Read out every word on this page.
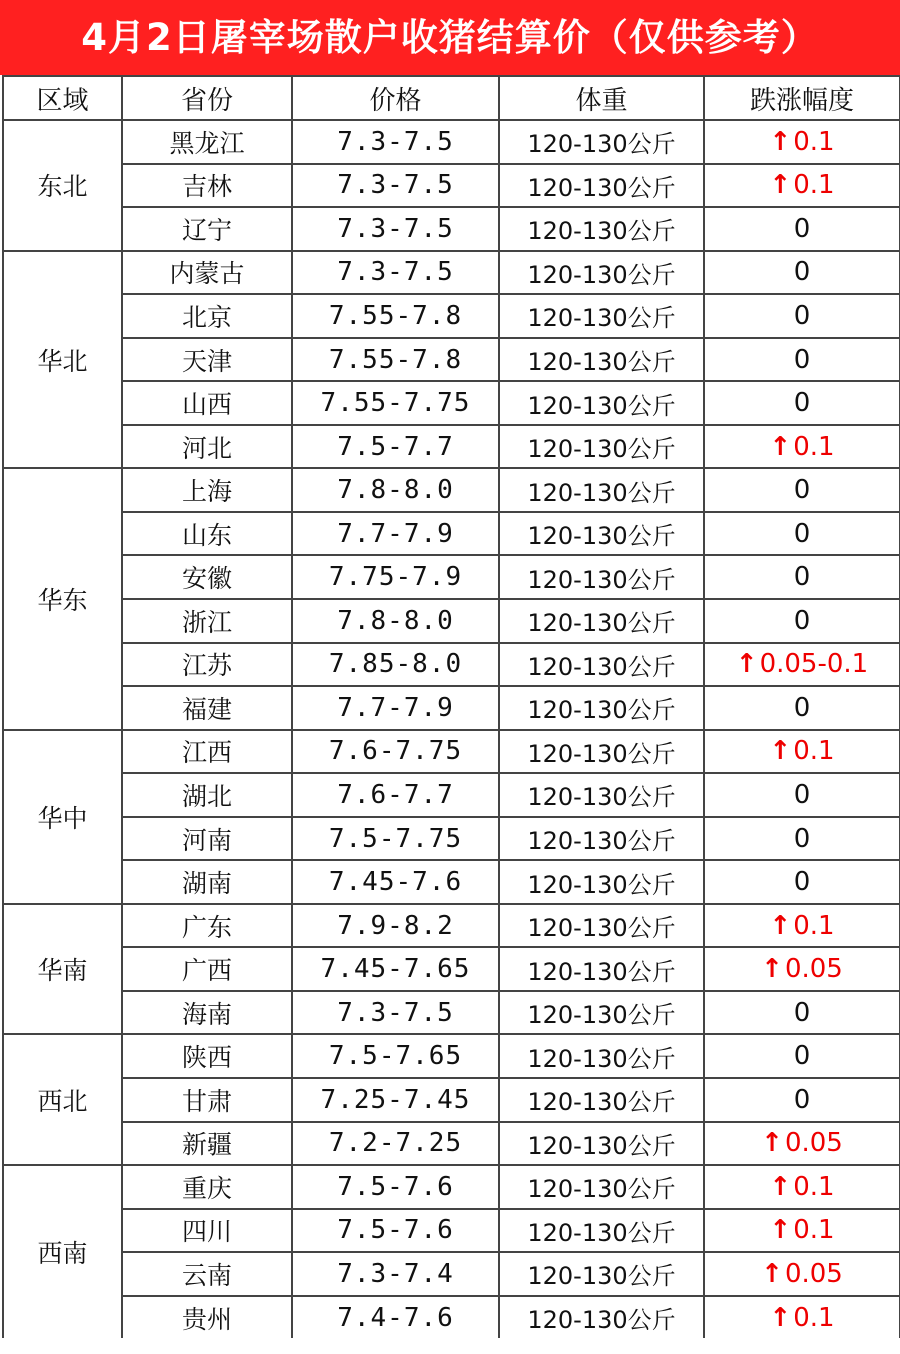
4月2日屠宰场散户收猪结算价（仅供参考）
区域	省份	价格	体重	跌涨幅度
东北	黑龙江	7.3-7.5	120-130公斤	↑0.1
	吉林	7.3-7.5	120-130公斤	↑0.1
	辽宁	7.3-7.5	120-130公斤	0
华北	内蒙古	7.3-7.5	120-130公斤	0
	北京	7.55-7.8	120-130公斤	0
	天津	7.55-7.8	120-130公斤	0
	山西	7.55-7.75	120-130公斤	0
	河北	7.5-7.7	120-130公斤	↑0.1
华东	上海	7.8-8.0	120-130公斤	0
	山东	7.7-7.9	120-130公斤	0
	安徽	7.75-7.9	120-130公斤	0
	浙江	7.8-8.0	120-130公斤	0
	江苏	7.85-8.0	120-130公斤	↑0.05-0.1
	福建	7.7-7.9	120-130公斤	0
华中	江西	7.6-7.75	120-130公斤	↑0.1
	湖北	7.6-7.7	120-130公斤	0
	河南	7.5-7.75	120-130公斤	0
	湖南	7.45-7.6	120-130公斤	0
华南	广东	7.9-8.2	120-130公斤	↑0.1
	广西	7.45-7.65	120-130公斤	↑0.05
	海南	7.3-7.5	120-130公斤	0
西北	陕西	7.5-7.65	120-130公斤	0
	甘肃	7.25-7.45	120-130公斤	0
	新疆	7.2-7.25	120-130公斤	↑0.05
西南	重庆	7.5-7.6	120-130公斤	↑0.1
	四川	7.5-7.6	120-130公斤	↑0.1
	云南	7.3-7.4	120-130公斤	↑0.05
	贵州	7.4-7.6	120-130公斤	↑0.1
